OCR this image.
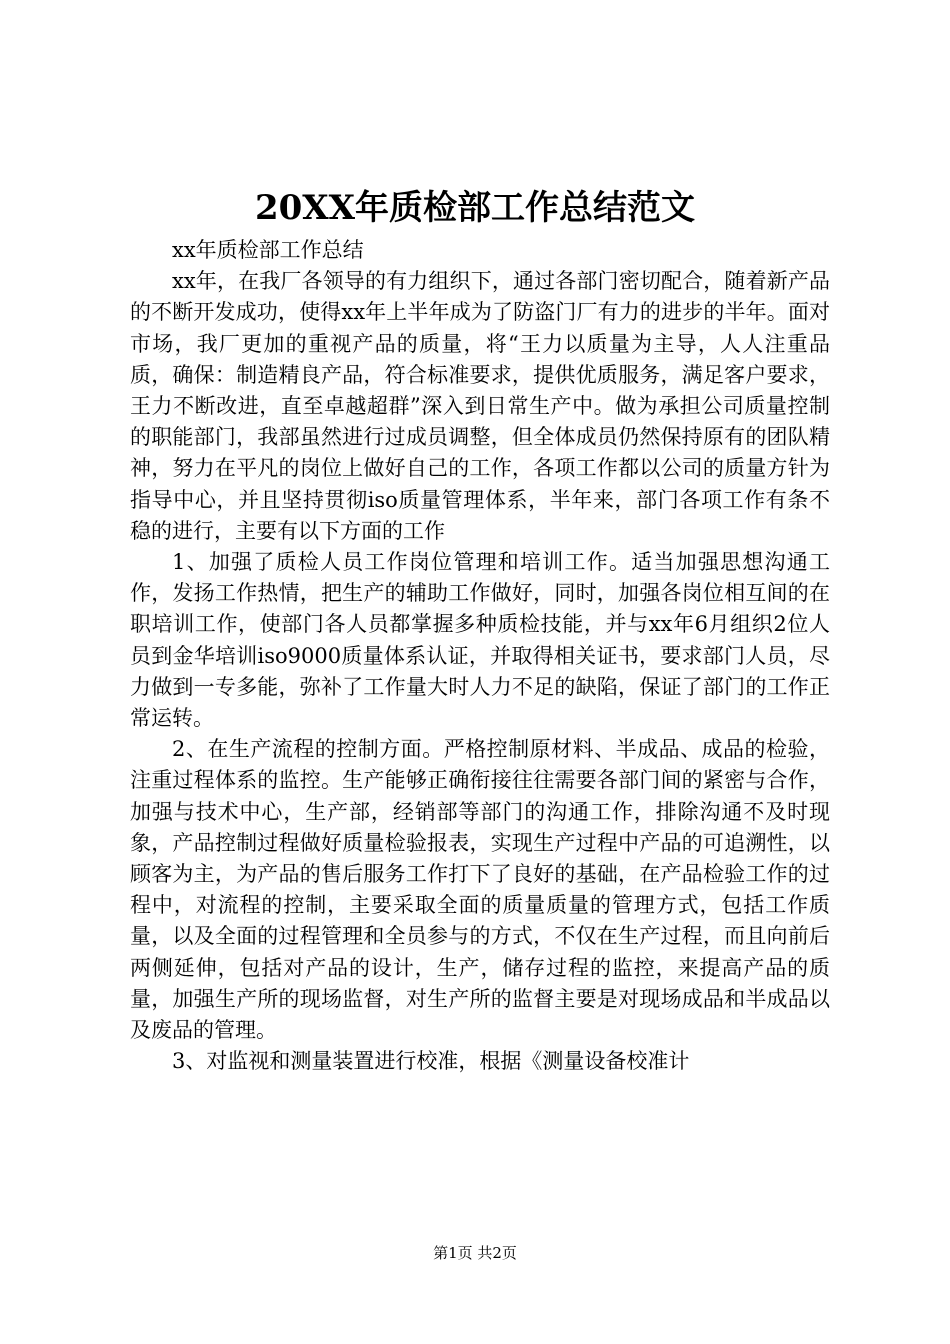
20XX年质检部工作总结范文

xx年质检部工作总结

xx年，在我厂各领导的有力组织下，通过各部门密切配合，随着新产品的不断开发成功，使得xx年上半年成为了防盗门厂有力的进步的半年。面对市场，我厂更加的重视产品的质量，将“王力以质量为主导，人人注重品质，确保：制造精良产品，符合标准要求，提供优质服务，满足客户要求，王力不断改进，直至卓越超群”深入到日常生产中。做为承担公司质量控制的职能部门，我部虽然进行过成员调整，但全体成员仍然保持原有的团队精神，努力在平凡的岗位上做好自己的工作，各项工作都以公司的质量方针为指导中心，并且坚持贯彻iso质量管理体系，半年来，部门各项工作有条不稳的进行，主要有以下方面的工作

1、加强了质检人员工作岗位管理和培训工作。适当加强思想沟通工作，发扬工作热情，把生产的辅助工作做好，同时，加强各岗位相互间的在职培训工作，使部门各人员都掌握多种质检技能，并与xx年6月组织2位人员到金华培训iso9000质量体系认证，并取得相关证书，要求部门人员，尽力做到一专多能，弥补了工作量大时人力不足的缺陷，保证了部门的工作正常运转。

2、在生产流程的控制方面。严格控制原材料、半成品、成品的检验，注重过程体系的监控。生产能够正确衔接往往需要各部门间的紧密与合作，加强与技术中心，生产部，经销部等部门的沟通工作，排除沟通不及时现象，产品控制过程做好质量检验报表，实现生产过程中产品的可追溯性，以顾客为主，为产品的售后服务工作打下了良好的基础，在产品检验工作的过程中，对流程的控制，主要采取全面的质量质量的管理方式，包括工作质量，以及全面的过程管理和全员参与的方式，不仅在生产过程，而且向前后两侧延伸，包括对产品的设计，生产，储存过程的监控，来提高产品的质量，加强生产所的现场监督，对生产所的监督主要是对现场成品和半成品以及废品的管理。

3、对监视和测量装置进行校准，根据《测量设备校准计

第1页 共2页
